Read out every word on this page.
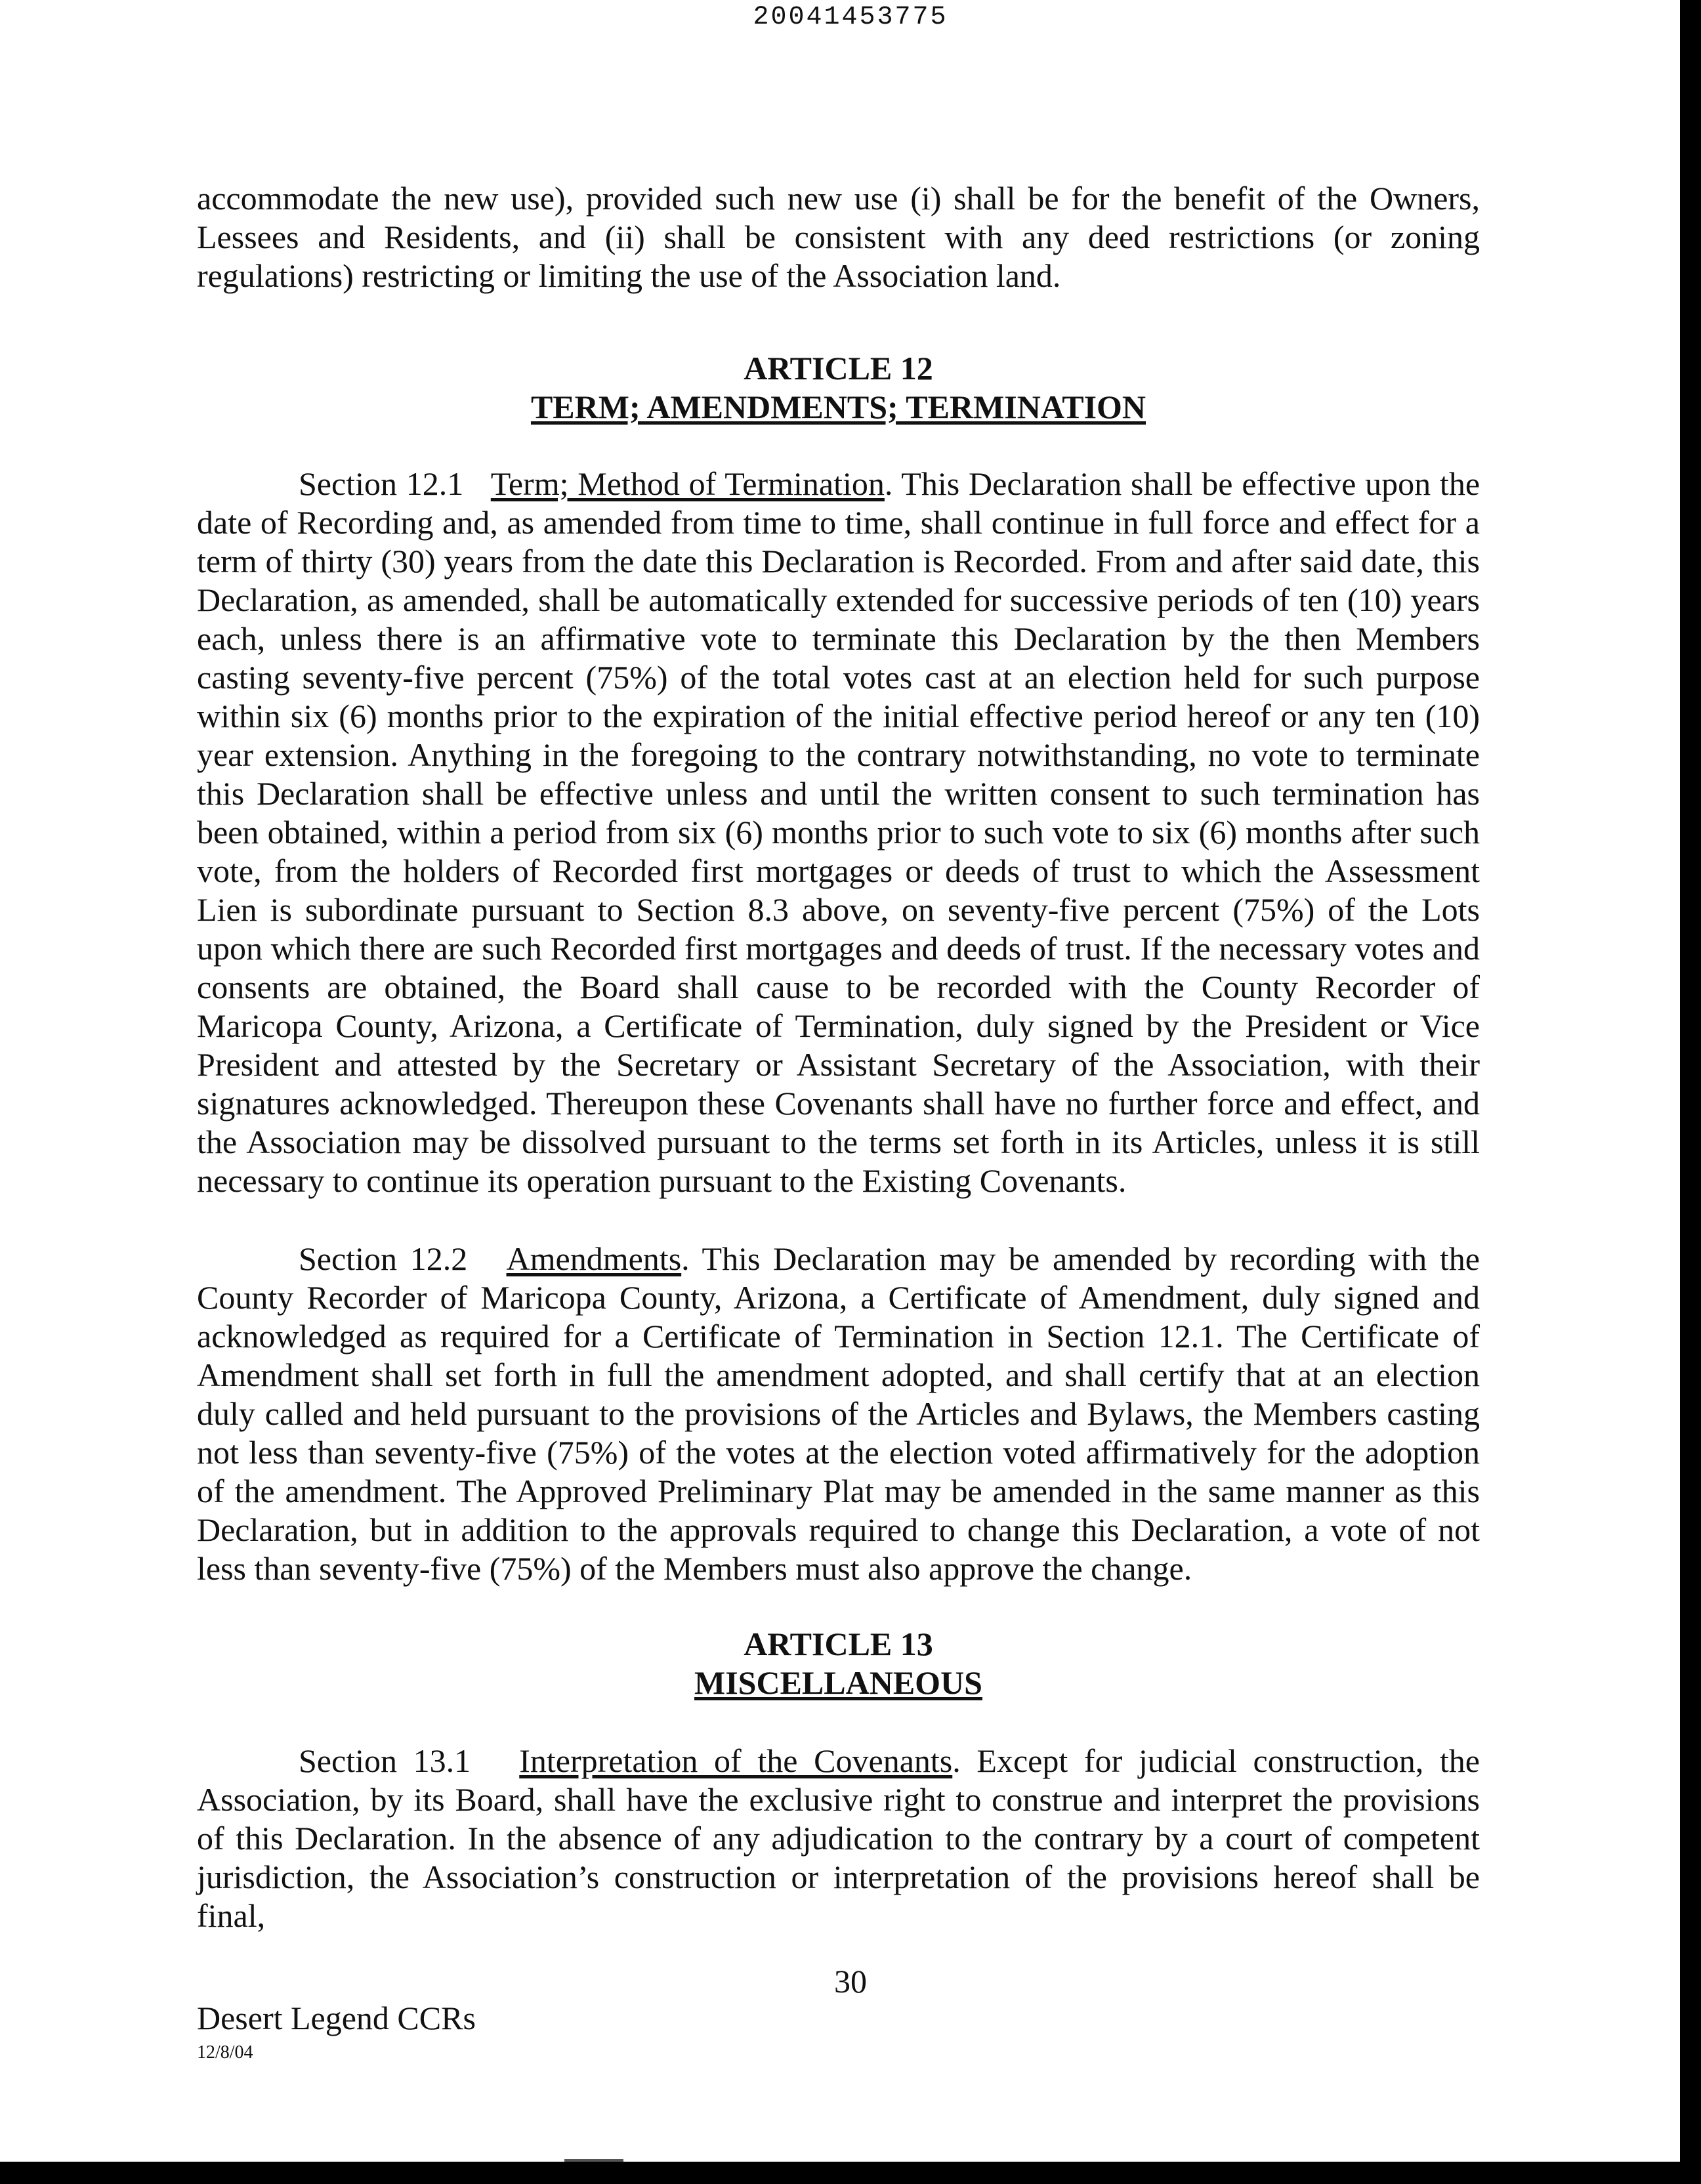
20041453775

accommodate the new use), provided such new use (i) shall be for the benefit of the Owners, Lessees and Residents, and (ii) shall be consistent with any deed restrictions (or zoning regulations) restricting or limiting the use of the Association land.

ARTICLE 12
TERM; AMENDMENTS; TERMINATION

Section 12.1 Term; Method of Termination. This Declaration shall be effective upon the date of Recording and, as amended from time to time, shall continue in full force and effect for a term of thirty (30) years from the date this Declaration is Recorded. From and after said date, this Declaration, as amended, shall be automatically extended for successive periods of ten (10) years each, unless there is an affirmative vote to terminate this Declaration by the then Members casting seventy-five percent (75%) of the total votes cast at an election held for such purpose within six (6) months prior to the expiration of the initial effective period hereof or any ten (10) year extension. Anything in the foregoing to the contrary notwithstanding, no vote to terminate this Declaration shall be effective unless and until the written consent to such termination has been obtained, within a period from six (6) months prior to such vote to six (6) months after such vote, from the holders of Recorded first mortgages or deeds of trust to which the Assessment Lien is subordinate pursuant to Section 8.3 above, on seventy-five percent (75%) of the Lots upon which there are such Recorded first mortgages and deeds of trust. If the necessary votes and consents are obtained, the Board shall cause to be recorded with the County Recorder of Maricopa County, Arizona, a Certificate of Termination, duly signed by the President or Vice President and attested by the Secretary or Assistant Secretary of the Association, with their signatures acknowledged. Thereupon these Covenants shall have no further force and effect, and the Association may be dissolved pursuant to the terms set forth in its Articles, unless it is still necessary to continue its operation pursuant to the Existing Covenants.

Section 12.2 Amendments. This Declaration may be amended by recording with the County Recorder of Maricopa County, Arizona, a Certificate of Amendment, duly signed and acknowledged as required for a Certificate of Termination in Section 12.1. The Certificate of Amendment shall set forth in full the amendment adopted, and shall certify that at an election duly called and held pursuant to the provisions of the Articles and Bylaws, the Members casting not less than seventy-five (75%) of the votes at the election voted affirmatively for the adoption of the amendment. The Approved Preliminary Plat may be amended in the same manner as this Declaration, but in addition to the approvals required to change this Declaration, a vote of not less than seventy-five (75%) of the Members must also approve the change.

ARTICLE 13
MISCELLANEOUS

Section 13.1 Interpretation of the Covenants. Except for judicial construction, the Association, by its Board, shall have the exclusive right to construe and interpret the provisions of this Declaration. In the absence of any adjudication to the contrary by a court of competent jurisdiction, the Association’s construction or interpretation of the provisions hereof shall be final,

30
Desert Legend CCRs
12/8/04
